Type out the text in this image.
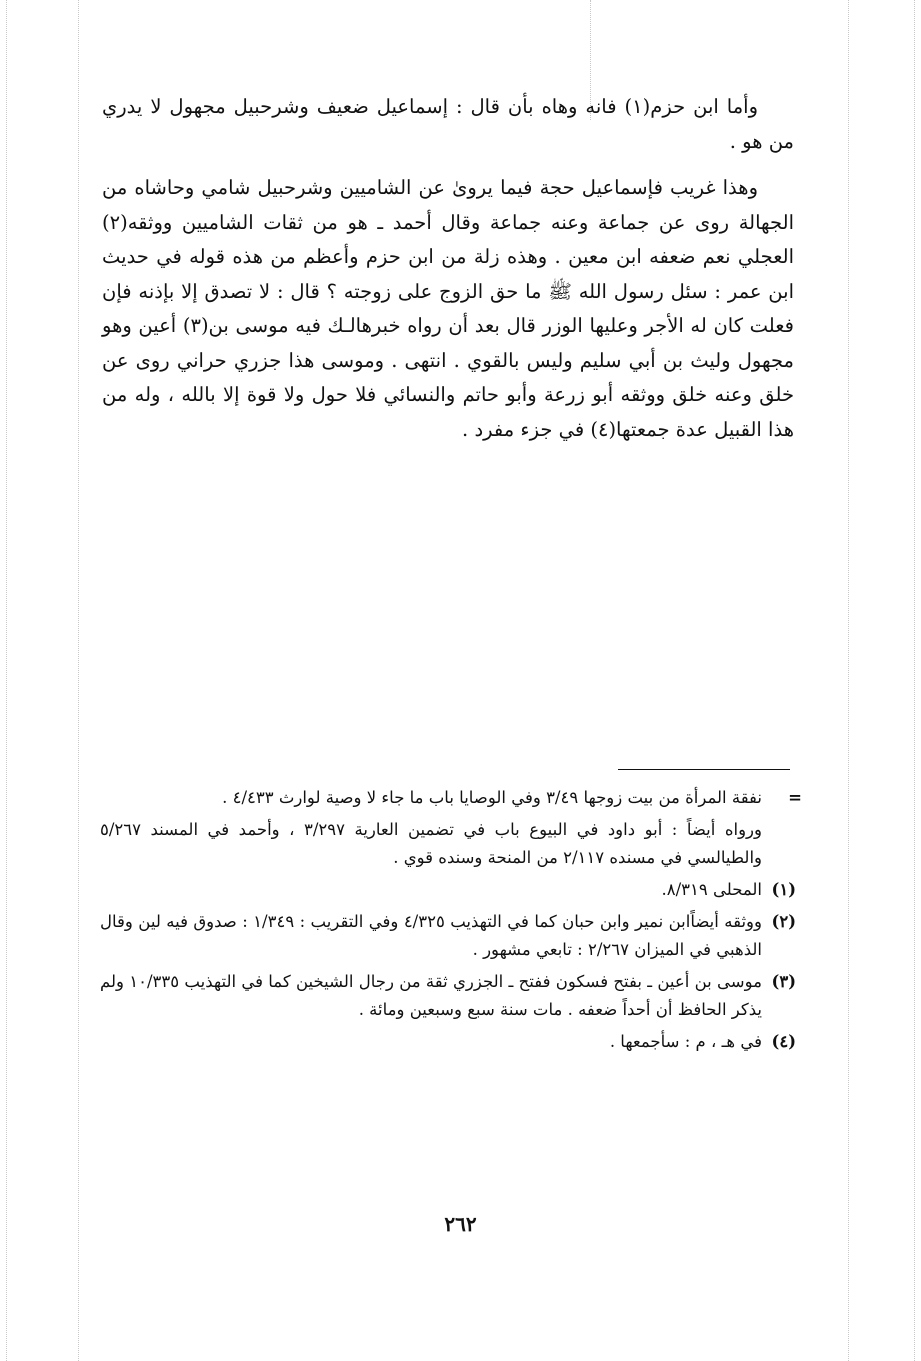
وأما ابن حزم(١) فانه وهاه بأن قال : إسماعيل ضعيف وشرحبيل مجهول لا يدري من هو .

وهذا غريب فإسماعيل حجة فيما يروىٰ عن الشاميين وشرحبيل شامي وحاشاه من الجهالة روى عن جماعة وعنه جماعة وقال أحمد ـ هو من ثقات الشاميين ووثقه(٢) العجلي نعم ضعفه ابن معين . وهذه زلة من ابن حزم وأعظم من هذه قوله في حديث ابن عمر : سئل رسول الله ﷺ ما حق الزوج على زوجته ؟ قال : لا تصدق إلا بإذنه فإن فعلت كان له الأجر وعليها الوزر قال بعد أن رواه خبرهالـك فيه موسى بن(٣) أعين وهو مجهول وليث بن أبي سليم وليس بالقوي . انتهى . وموسى هذا جزري حراني روى عن خلق وعنه خلق ووثقه أبو زرعة وأبو حاتم والنسائي فلا حول ولا قوة إلا بالله ، وله من هذا القبيل عدة جمعتها(٤) في جزء مفرد .

=
نفقة المرأة من بيت زوجها ٣/٤٩ وفي الوصايا باب ما جاء لا وصية لوارث ٤/٤٣٣ .
ورواه أيضاً : أبو داود في البيوع باب في تضمين العارية ٣/٢٩٧ ، وأحمد في المسند ٥/٢٦٧ والطيالسي في مسنده ٢/١١٧ من المنحة وسنده قوي .
(١)
المحلى ٨/٣١٩.
(٢)
ووثقه أيضاًابن نمير وابن حبان كما في التهذيب ٤/٣٢٥ وفي التقريب : ١/٣٤٩ : صدوق فيه لين وقال الذهبي في الميزان ٢/٢٦٧ : تابعي مشهور .
(٣)
موسى بن أعين ـ بفتح فسكون ففتح ـ الجزري ثقة من رجال الشيخين كما في التهذيب ١٠/٣٣٥ ولم يذكر الحافظ أن أحداً ضعفه . مات سنة سبع وسبعين ومائة .
(٤)
في هـ ، م : سأجمعها .
٢٦٢
